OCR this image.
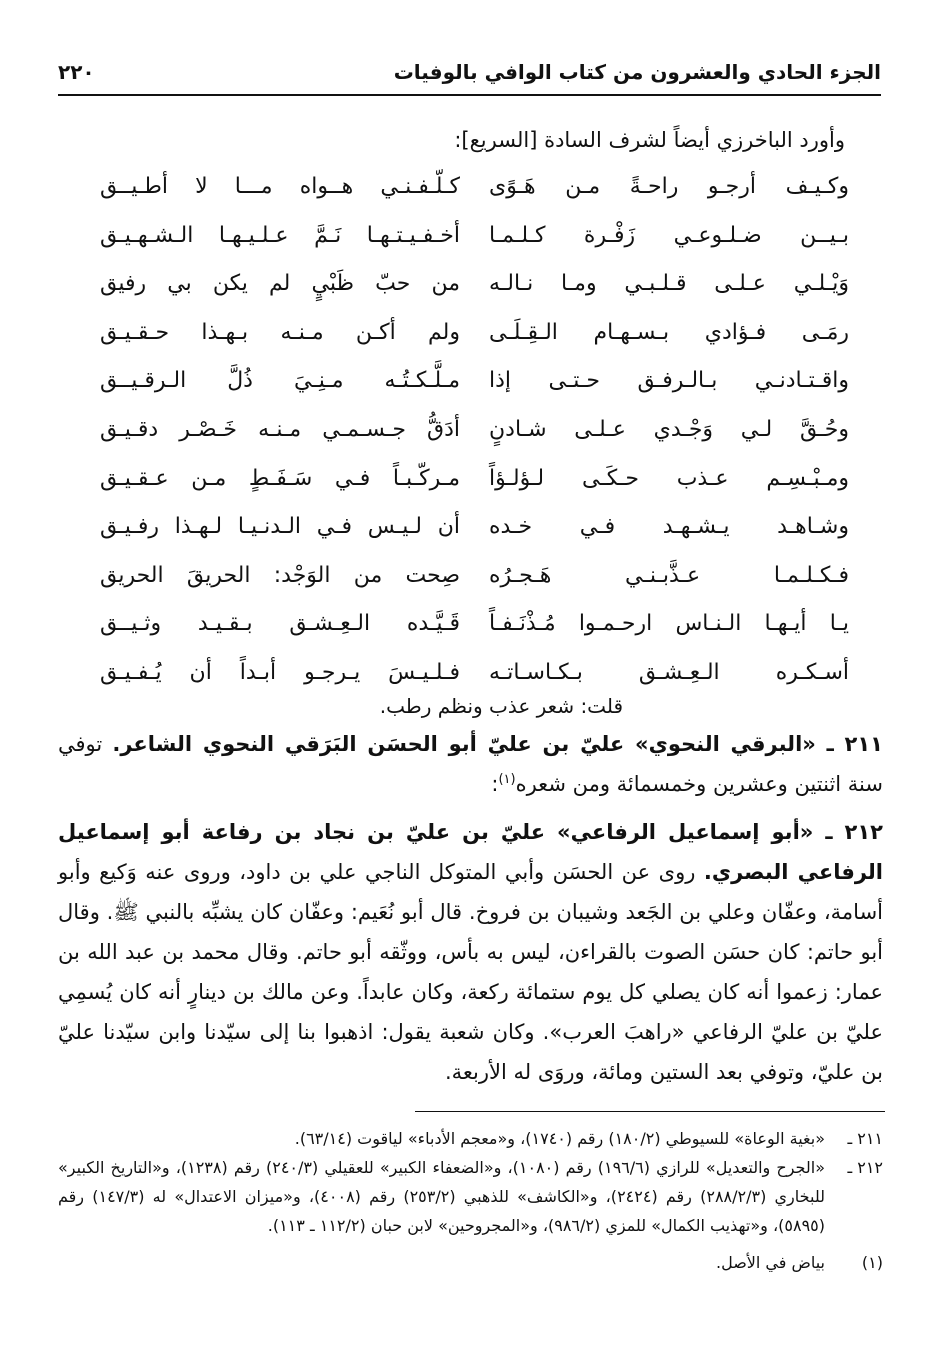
الجزء الحادي والعشرون من كتاب الوافي بالوفيات
٢٢٠
وأورد الباخرزي أيضاً لشرف السادة [السريع]:
وكـيـف أرجـو راحـةً مـن هَـوًى
كـلّـفـنـي هــواه مـــا لا أطـيــق
بـيــن ضـلـوعـي زَفْـرة كـلـمـا
أخـفـيـتـهـا نَـمَّ عـلـيـهـا الـشـهـيـق
وَيْـلـي عـلـى قـلـبـي ومـا نـالـه
من حبّ ظَبْيٍ لم يكن بي رفيق
رمَـى فـؤادي بـسـهـام الـقِـلَـى
ولم أكـن مـنـه بـهـذا حـقـيـق
واقـتـادنـي بـالـرفـق حـتـى إذا
مـلَّـكـتُـه مـنِـيَ ذُلَّ الـرقـيــق
وحُـقَّ لـي وَجْـدي عـلـى شـادنٍ
أدَقُّ جـسـمـي مـنـه خَـصْـر دقـيـق
ومـبْـسِـم عـذب حـكَـى لـؤلـؤاً
مـركّـبـاً فـي سَـفَـطٍ مـن عـقـيـق
وشـاهـد يـشـهـد فـي خـده
أن لـيـس فـي الـدنـيـا لـهـذا رفـيـق
فـكـلـمـا عـذَّبـنـي هَـجـرُه
صِحت من الوَجْد: الحريقَ الحريق
يـا أيـهـا الـنـاس ارحـمـوا مُـذْنَـفـاً
قَـيَّـده الـعِـشـق بـقـيـد وثـيــق
أسـكـره الـعِـشـق بـكـاسـاتـه
فـلـيـسَ يـرجـو أبـداً أن يُـفـيـق
قلت: شعر عذب ونظم رطب.
٢١١ ـ «البرقي النحوي» عليّ بن عليّ أبو الحسَن البَرَقي النحوي الشاعر. توفي سنة اثنتين وعشرين وخمسمائة ومن شعره$^{(١)}$:
٢١٢ ـ «أبو إسماعيل الرفاعي» عليّ بن عليّ بن نجاد بن رفاعة أبو إسماعيل الرفاعي البصري. روى عن الحسَن وأبي المتوكل الناجي علي بن داود، وروى عنه وَكيع وأبو أسامة، وعفّان وعلي بن الجَعد وشيبان بن فروخ. قال أبو نُعَيم: وعفّان كان يشبِّه بالنبي ﷺ. وقال أبو حاتم: كان حسَن الصوت بالقراءن، ليس به بأس، ووثّقه أبو حاتم. وقال محمد بن عبد الله بن عمار: زعموا أنه كان يصلي كل يوم ستمائة ركعة، وكان عابداً. وعن مالك بن دينارٍ أنه كان يُسمِي عليّ بن عليّ الرفاعي «راهبَ العرب». وكان شعبة يقول: اذهبوا بنا إلى سيّدنا وابن سيّدنا عليّ بن عليّ، وتوفي بعد الستين ومائة، وروَى له الأربعة.
٢١١ ـ
«بغية الوعاة» للسيوطي (١٨٠/٢) رقم (١٧٤٠)، و«معجم الأدباء» لياقوت (٦٣/١٤).
٢١٢ ـ
«الجرح والتعديل» للرازي (١٩٦/٦) رقم (١٠٨٠)، و«الضعفاء الكبير» للعقيلي (٢٤٠/٣) رقم (١٢٣٨)، و«التاريخ الكبير» للبخاري (٢٨٨/٢/٣) رقم (٢٤٢٤)، و«الكاشف» للذهبي (٢٥٣/٢) رقم (٤٠٠٨)، و«ميزان الاعتدال» له (١٤٧/٣) رقم (٥٨٩٥)، و«تهذيب الكمال» للمزي (٩٨٦/٢)، و«المجروحين» لابن حبان (١١٢/٢ ـ ١١٣).
(١)
بياض في الأصل.
